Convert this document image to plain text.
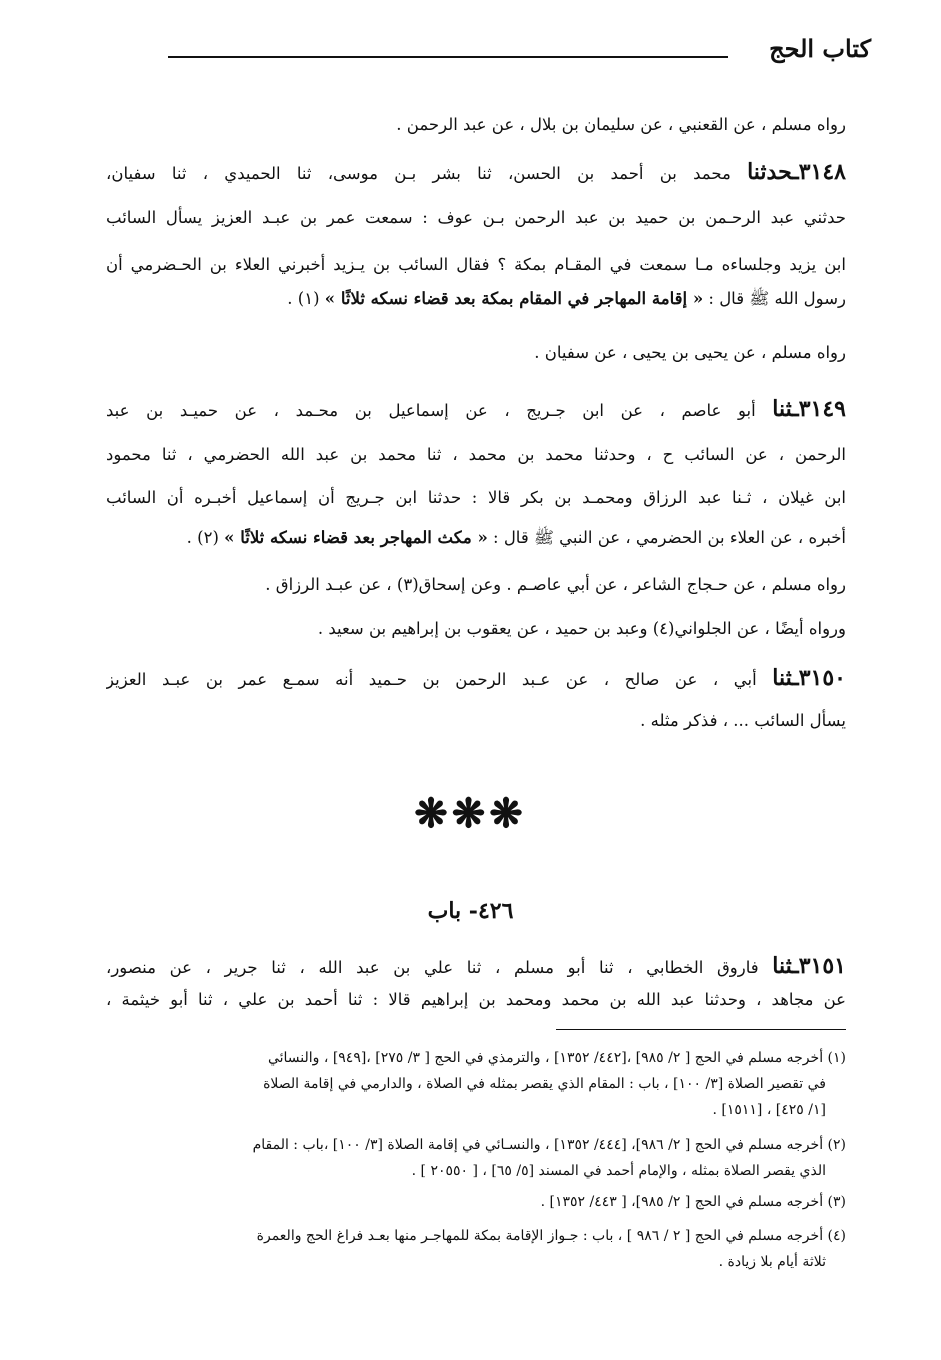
كتاب الحج
رواه مسلم ، عن القعنبي ، عن سليمان بن بلال ، عن عبد الرحمن .
٣١٤٨ـحدثنا محمد بن أحمد بن الحسن، ثنا بشر بـن موسى، ثنا الحميدي ، ثنا سفيان،
حدثني عبد الرحـمن بن حميد بن عبد الرحمن بـن عوف : سمعت عمر بن عبـد العزيز يسأل السائب
ابن يزيد وجلساءه مـا سمعت في المقـام بمكة ؟ فقال السائب بن يـزيد أخبرني العلاء بن الحـضرمي أن
رسول الله ﷺ قال : « إقامة المهاجر في المقام بمكة بعد قضاء نسكه ثلاثًا » (١) .
رواه مسلم ، عن يحيى بن يحيى ، عن سفيان .
٣١٤٩ـثنا أبو عاصم ، عن ابن جـريج ، عن إسماعيل بن محـمد ، عن حميـد بن عبد
الرحمن ، عن السائب ح ، وحدثنا محمد بن محمد ، ثنا محمد بن عبد الله الحضرمي ، ثنا محمود
ابن غيلان ، ثـنا عبد الرزاق ومحمـد بن بكر قالا : حدثنا ابن جـريج أن إسماعيل أخبـره أن السائب
أخبره ، عن العلاء بن الحضرمي ، عن النبي ﷺ قال : « مكث المهاجر بعد قضاء نسكه ثلاثًا » (٢) .
رواه مسلم ، عن حـجاج الشاعر ، عن أبي عاصـم . وعن إسحاق(٣) ، عن عبـد الرزاق .
ورواه أيضًا ، عن الجلواني(٤) وعبد بن حميد ، عن يعقوب بن إبراهيم بن سعيد .
٣١٥٠ـثنا أبي ، عن صالح ، عن عـبد الرحمن بن حـميد أنه سمـع عمر بن عبـد العزيز
يسأل السائب ... ، فذكر مثله .
٣١٥١ـثنا فاروق الخطابي ، ثنا أبو مسلم ، ثنا علي بن عبد الله ، ثنا جرير ، عن منصور،
عن مجاهد ، وحدثنا عبد الله بن محمد ومحمد بن إبراهيم قالا : ثنا أحمد بن علي ، ثنا أبو خيثمة ،
❋❋❋
٤٢٦- باب
(١) أخرجه مسلم في الحج [ ٢/ ٩٨٥] ،[٤٤٢/ ١٣٥٢] ، والترمذي في الحج [ ٣/ ٢٧٥] ،[٩٤٩] ، والنسائي
في تقصير الصلاة [٣/ ١٠٠] ، باب : المقام الذي يقصر بمثله في الصلاة ، والدارمي في إقامة الصلاة
[١/ ٤٢٥] ، [١٥١١] .
(٢) أخرجه مسلم في الحج [ ٢/ ٩٨٦]، [٤٤٤/ ١٣٥٢] ، والنسـائي في إقامة الصلاة [٣/ ١٠٠] ،باب : المقام
الذي يقصر الصلاة بمثله ، والإمام أحمد في المسند [٥/ ٦٥] ، [ ٢٠٥٥٠ ] .
(٣) أخرجه مسلم في الحج [ ٢/ ٩٨٥]، [ ٤٤٣/ ١٣٥٢] .
(٤) أخرجه مسلم في الحج [ ٢ / ٩٨٦ ] ، باب : جـواز الإقامة بمكة للمهاجـر منها بعـد فراغ الحج والعمرة
ثلاثة أيام بلا زيادة .
